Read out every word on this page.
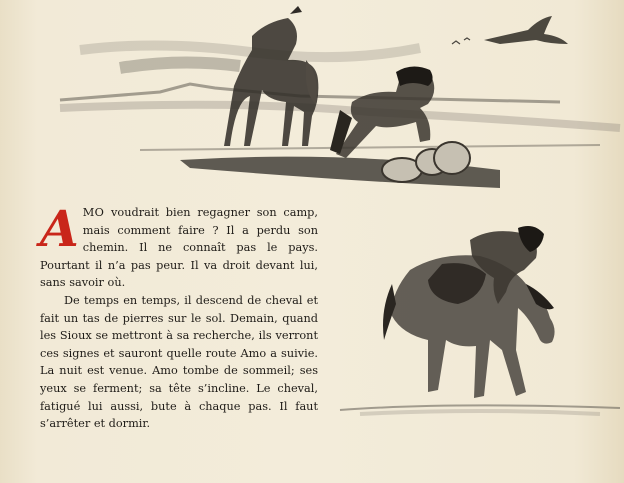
AMO voudrait bien regagner son camp, mais comment faire ? Il a perdu son chemin. Il ne connaît pas le pays. Pourtant il n’a pas peur. Il va droit devant lui, sans savoir où.

De temps en temps, il descend de cheval et fait un tas de pierres sur le sol. Demain, quand les Sioux se mettront à sa recherche, ils verront ces signes et sauront quelle route Amo a suivie. La nuit est venue. Amo tombe de sommeil; ses yeux se ferment; sa tête s’incline. Le cheval, fatigué lui aussi, bute à chaque pas. Il faut s’arrêter et dormir.
